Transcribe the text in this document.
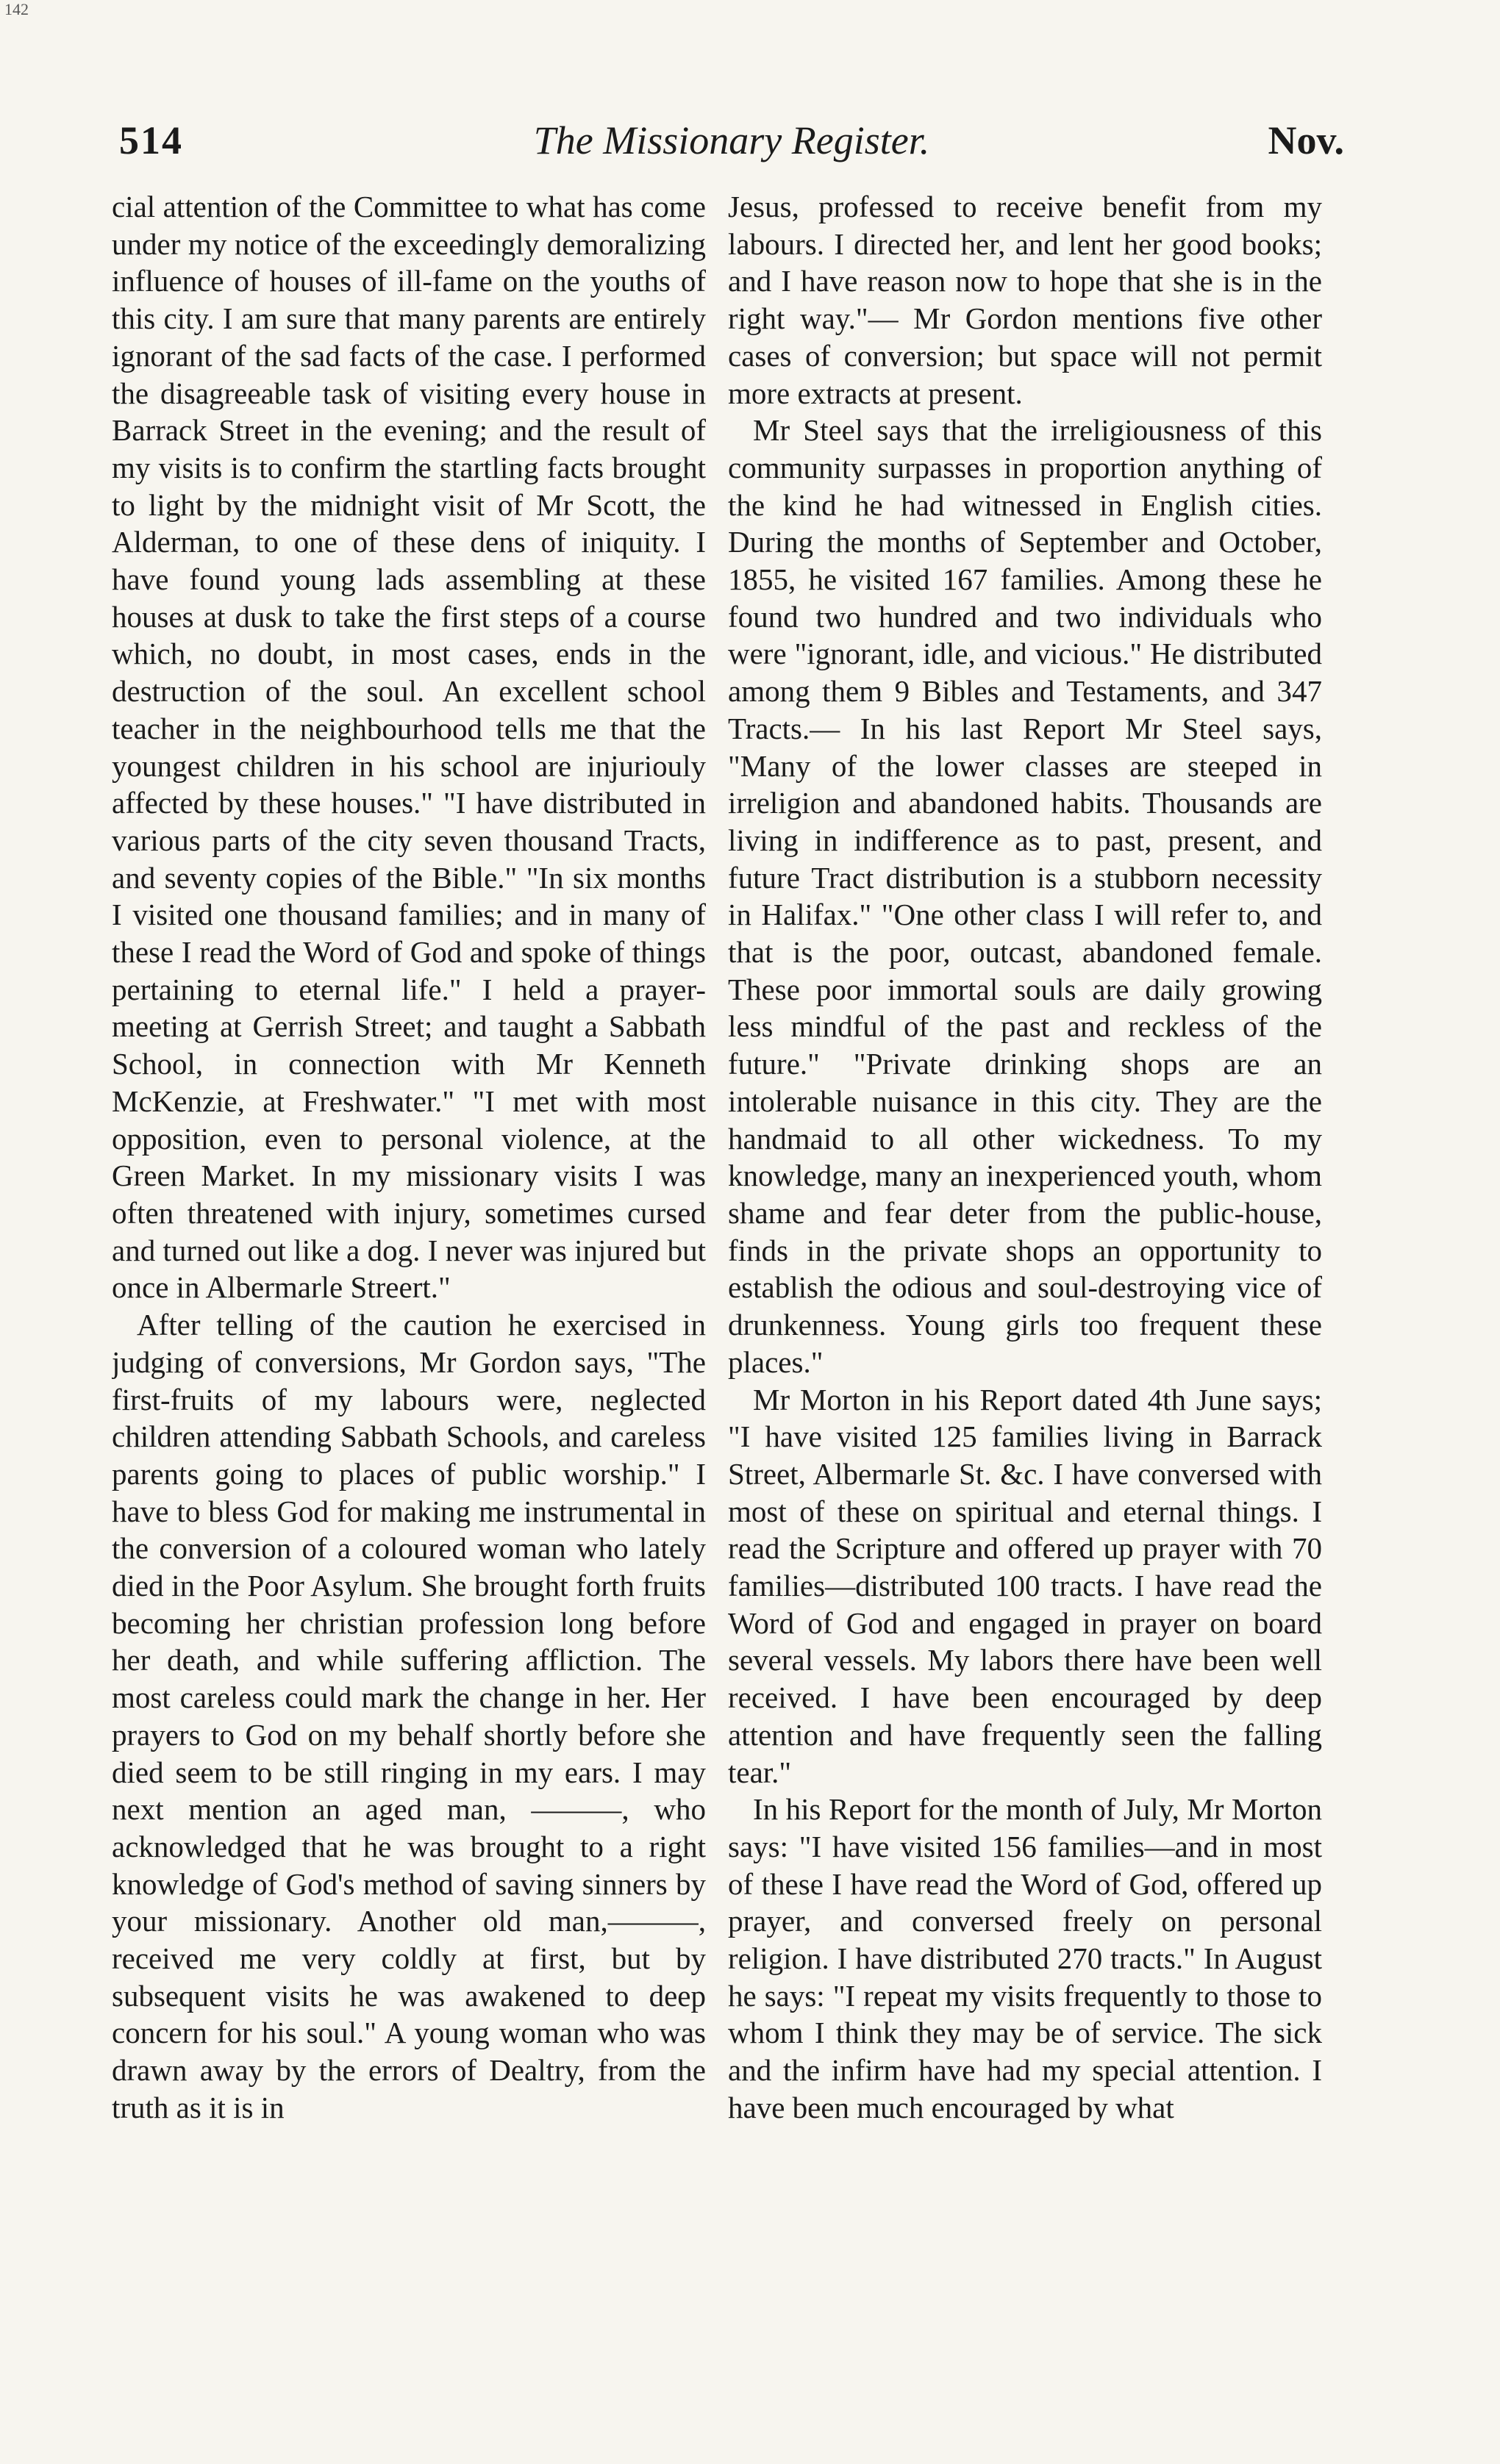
142
514	The Missionary Register.	Nov.

cial attention of the Committee to what has come under my notice of the exceedingly demoralizing influence of houses of ill-fame on the youths of this city. I am sure that many parents are entirely ignorant of the sad facts of the case. I performed the disagreeable task of visiting every house in Barrack Street in the evening; and the result of my visits is to confirm the startling facts brought to light by the midnight visit of Mr Scott, the Alderman, to one of these dens of iniquity. I have found young lads assembling at these houses at dusk to take the first steps of a course which, no doubt, in most cases, ends in the destruction of the soul. An excellent school teacher in the neighbourhood tells me that the youngest children in his school are injuriouly affected by these houses." "I have distributed in various parts of the city seven thousand Tracts, and seventy copies of the Bible." "In six months I visited one thousand families; and in many of these I read the Word of God and spoke of things pertaining to eternal life." I held a prayer-meeting at Gerrish Street; and taught a Sabbath School, in connection with Mr Kenneth McKenzie, at Freshwater." "I met with most opposition, even to personal violence, at the Green Market. In my missionary visits I was often threatened with injury, sometimes cursed and turned out like a dog. I never was injured but once in Albermarle Streert."

After telling of the caution he exercised in judging of conversions, Mr Gordon says, "The first-fruits of my labours were, neglected children attending Sabbath Schools, and careless parents going to places of public worship." I have to bless God for making me instrumental in the conversion of a coloured woman who lately died in the Poor Asylum. She brought forth fruits becoming her christian profession long before her death, and while suffering affliction. The most careless could mark the change in her. Her prayers to God on my behalf shortly before she died seem to be still ringing in my ears. I may next mention an aged man, ———, who acknowledged that he was brought to a right knowledge of God's method of saving sinners by your missionary. Another old man,———, received me very coldly at first, but by subsequent visits he was awakened to deep concern for his soul." A young woman who was drawn away by the errors of Dealtry, from the truth as it is in

Jesus, professed to receive benefit from my labours. I directed her, and lent her good books; and I have reason now to hope that she is in the right way."— Mr Gordon mentions five other cases of conversion; but space will not permit more extracts at present.

Mr Steel says that the irreligiousness of this community surpasses in proportion anything of the kind he had witnessed in English cities. During the months of September and October, 1855, he visited 167 families. Among these he found two hundred and two individuals who were "ignorant, idle, and vicious." He distributed among them 9 Bibles and Testaments, and 347 Tracts.— In his last Report Mr Steel says, "Many of the lower classes are steeped in irreligion and abandoned habits. Thousands are living in indifference as to past, present, and future Tract distribution is a stubborn necessity in Halifax." "One other class I will refer to, and that is the poor, outcast, abandoned female. These poor immortal souls are daily growing less mindful of the past and reckless of the future." "Private drinking shops are an intolerable nuisance in this city. They are the handmaid to all other wickedness. To my knowledge, many an inexperienced youth, whom shame and fear deter from the public-house, finds in the private shops an opportunity to establish the odious and soul-destroying vice of drunkenness. Young girls too frequent these places."

Mr Morton in his Report dated 4th June says; "I have visited 125 families living in Barrack Street, Albermarle St. &c. I have conversed with most of these on spiritual and eternal things. I read the Scripture and offered up prayer with 70 families—distributed 100 tracts. I have read the Word of God and engaged in prayer on board several vessels. My labors there have been well received. I have been encouraged by deep attention and have frequently seen the falling tear."

In his Report for the month of July, Mr Morton says: "I have visited 156 families—and in most of these I have read the Word of God, offered up prayer, and conversed freely on personal religion. I have distributed 270 tracts." In August he says: "I repeat my visits frequently to those to whom I think they may be of service. The sick and the infirm have had my special attention. I have been much encouraged by what
